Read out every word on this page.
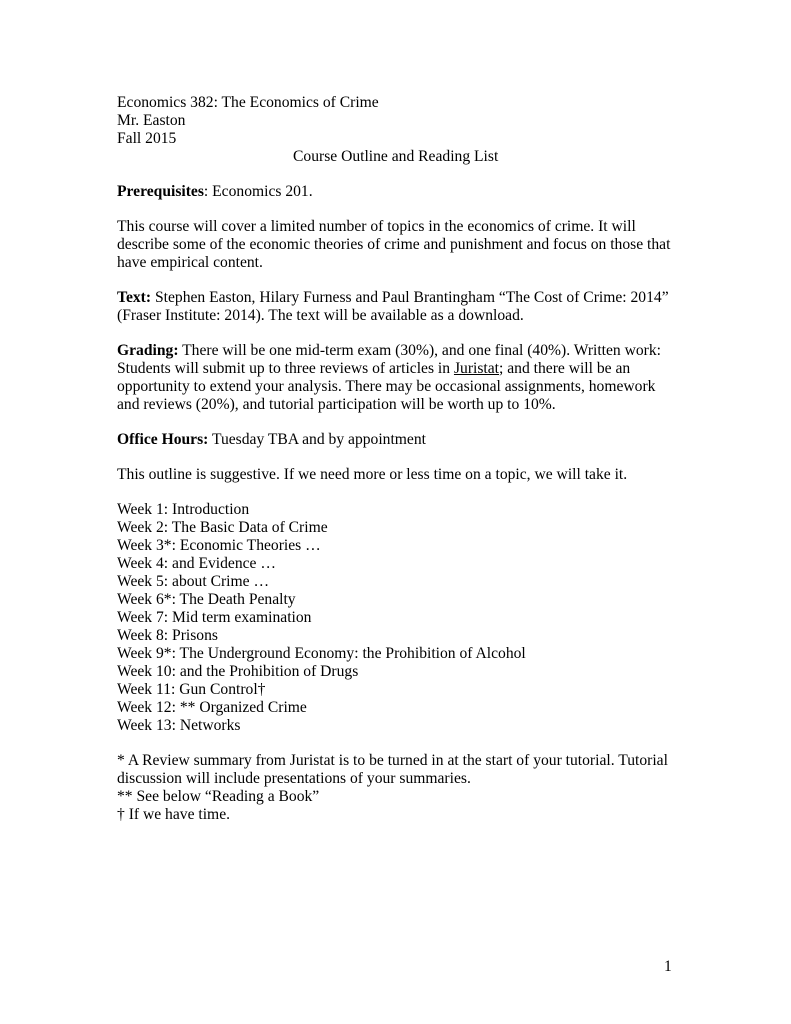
Economics 382: The Economics of Crime
Mr. Easton
Fall 2015
Course Outline and Reading List
Prerequisites: Economics 201.
This course will cover a limited number of topics in the economics of crime. It will
describe some of the economic theories of crime and punishment and focus on those that
have empirical content.
Text: Stephen Easton, Hilary Furness and Paul Brantingham “The Cost of Crime: 2014”
(Fraser Institute: 2014). The text will be available as a download.
Grading: There will be one mid-term exam (30%), and one final (40%). Written work:
Students will submit up to three reviews of articles in Juristat; and there will be an
opportunity to extend your analysis. There may be occasional assignments, homework
and reviews (20%), and tutorial participation will be worth up to 10%.
Office Hours: Tuesday TBA and by appointment
This outline is suggestive. If we need more or less time on a topic, we will take it.
Week 1: Introduction
Week 2: The Basic Data of Crime
Week 3*: Economic Theories …
Week 4: and Evidence …
Week 5: about Crime …
Week 6*: The Death Penalty
Week 7: Mid term examination
Week 8: Prisons
Week 9*: The Underground Economy: the Prohibition of Alcohol
Week 10: and the Prohibition of Drugs
Week 11: Gun Control†
Week 12: ** Organized Crime
Week 13: Networks
* A Review summary from Juristat is to be turned in at the start of your tutorial. Tutorial
discussion will include presentations of your summaries.
** See below “Reading a Book”
† If we have time.
1
